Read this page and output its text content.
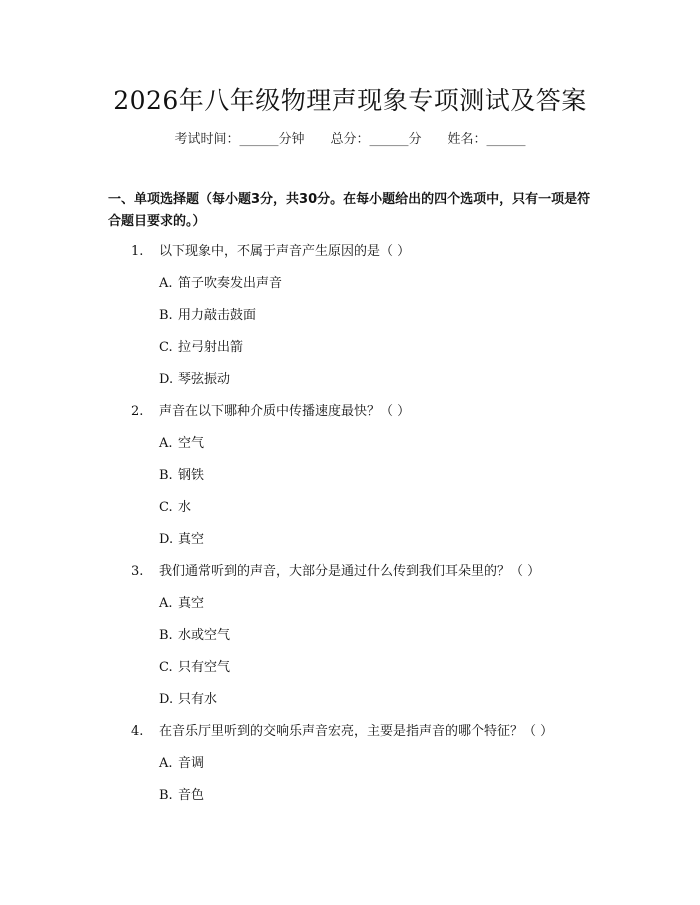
2026年八年级物理声现象专项测试及答案
考试时间：______分钟 总分：______分 姓名：______
一、单项选择题（每小题3分，共30分。在每小题给出的四个选项中，只有一项是符合题目要求的。）
1. 以下现象中，不属于声音产生原因的是（ ）
A. 笛子吹奏发出声音
B. 用力敲击鼓面
C. 拉弓射出箭
D. 琴弦振动
2. 声音在以下哪种介质中传播速度最快？（ ）
A. 空气
B. 钢铁
C. 水
D. 真空
3. 我们通常听到的声音，大部分是通过什么传到我们耳朵里的？（ ）
A. 真空
B. 水或空气
C. 只有空气
D. 只有水
4. 在音乐厅里听到的交响乐声音宏亮，主要是指声音的哪个特征？（ ）
A. 音调
B. 音色
